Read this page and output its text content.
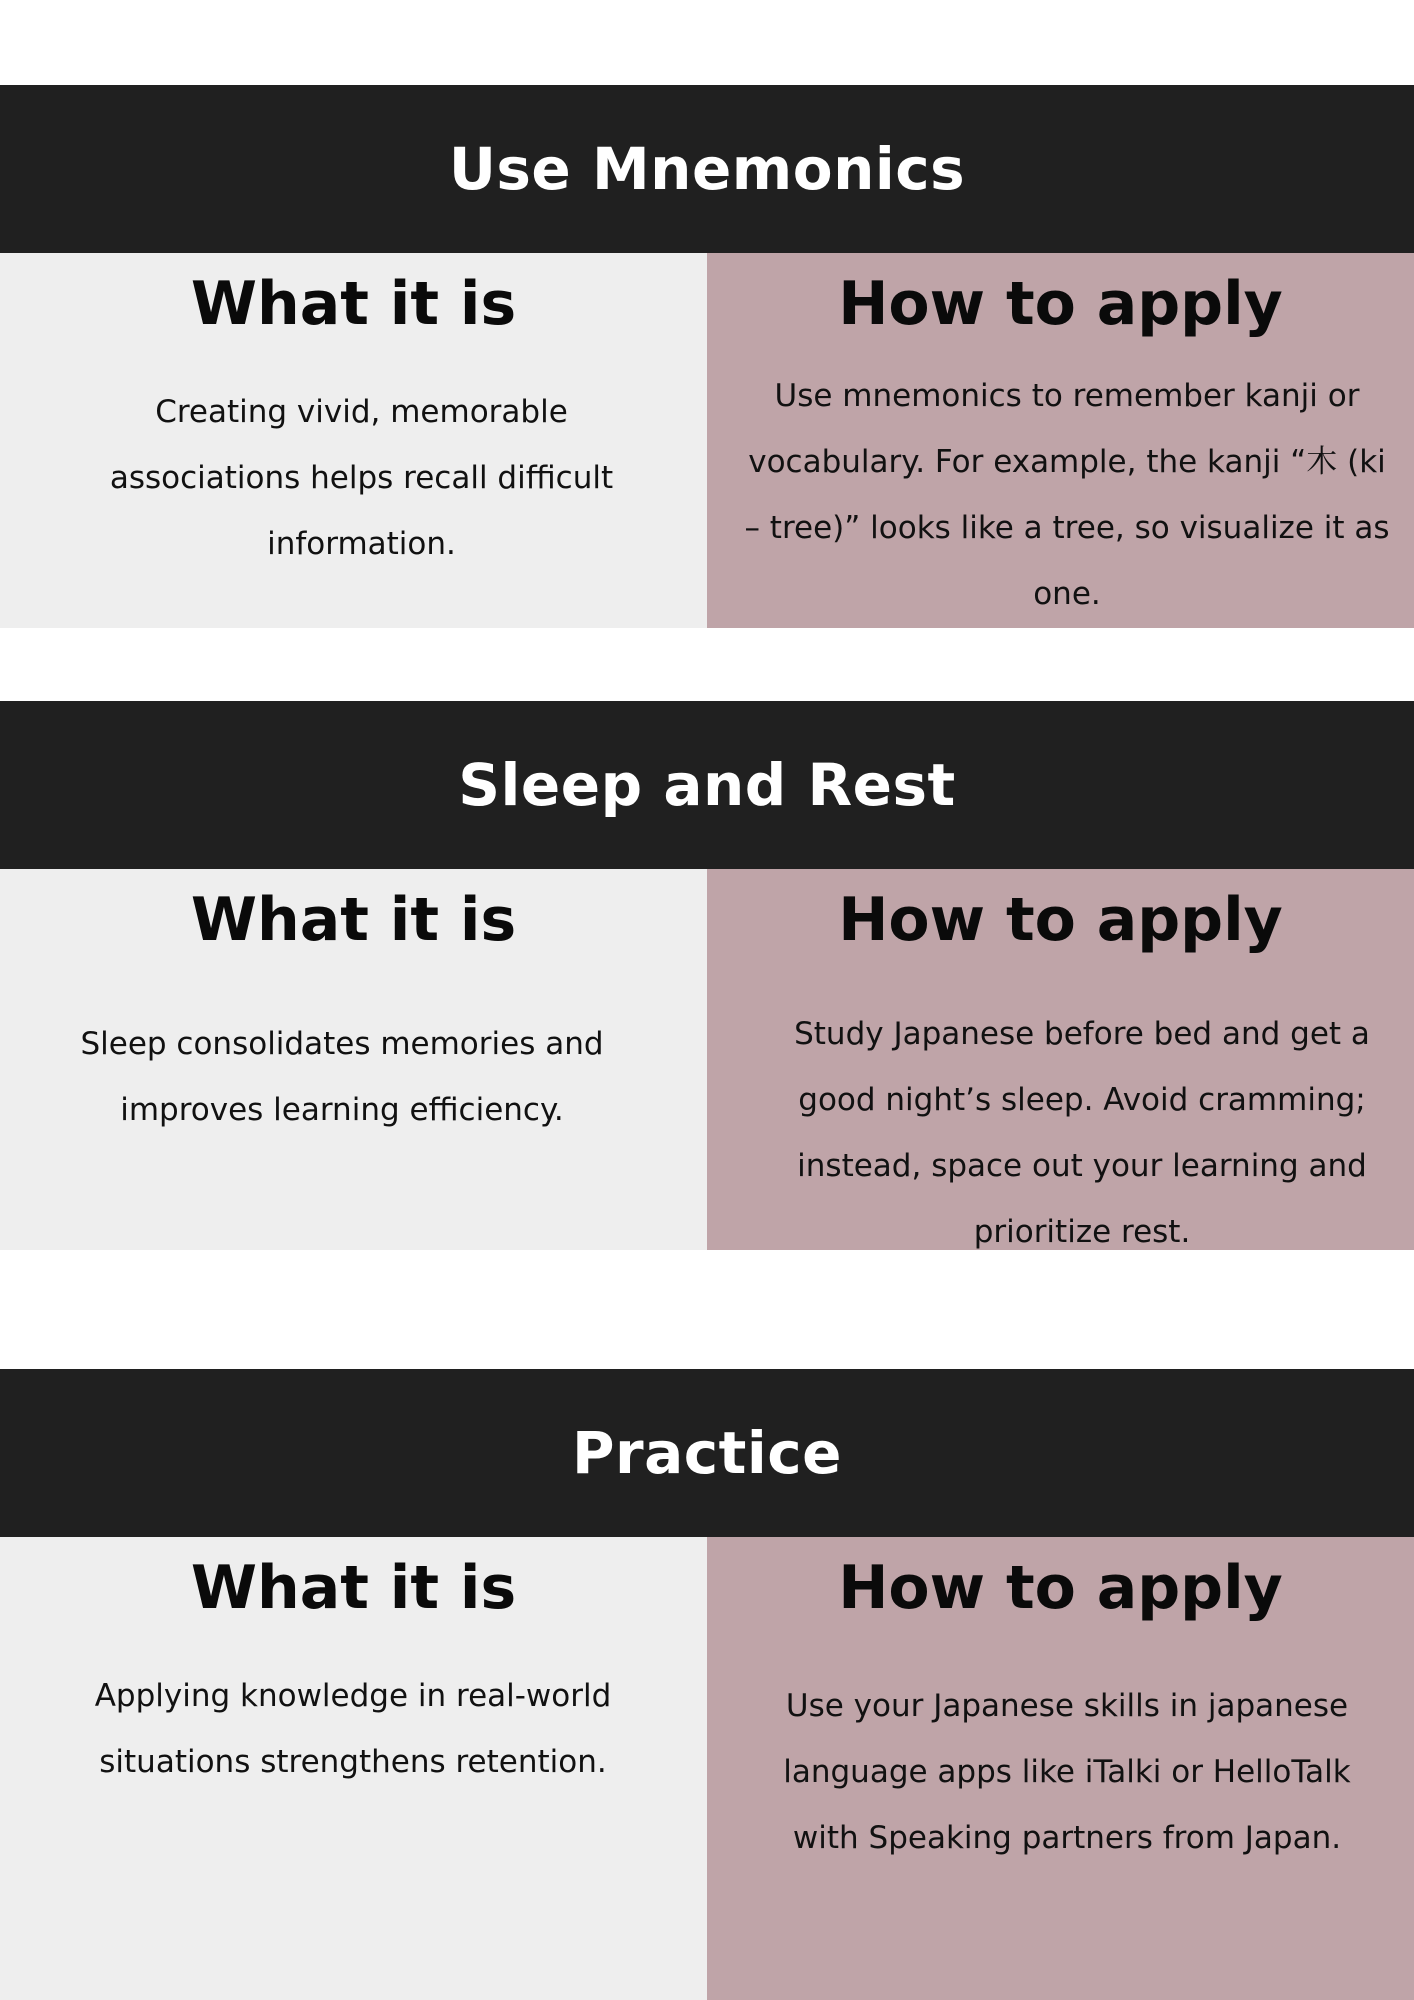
Use Mnemonics
What it is

Creating vivid, memorable associations helps recall difficult information.

How to apply

Use mnemonics to remember kanji or vocabulary. For example, the kanji “木 (ki – tree)” looks like a tree, so visualize it as one.

Sleep and Rest
What it is

Sleep consolidates memories and improves learning efficiency.

How to apply

Study Japanese before bed and get a good night’s sleep. Avoid cramming; instead, space out your learning and prioritize rest.

Practice
What it is

Applying knowledge in real-world situations strengthens retention.

How to apply

Use your Japanese skills in japanese language apps like iTalki or HelloTalk with Speaking partners from Japan.
